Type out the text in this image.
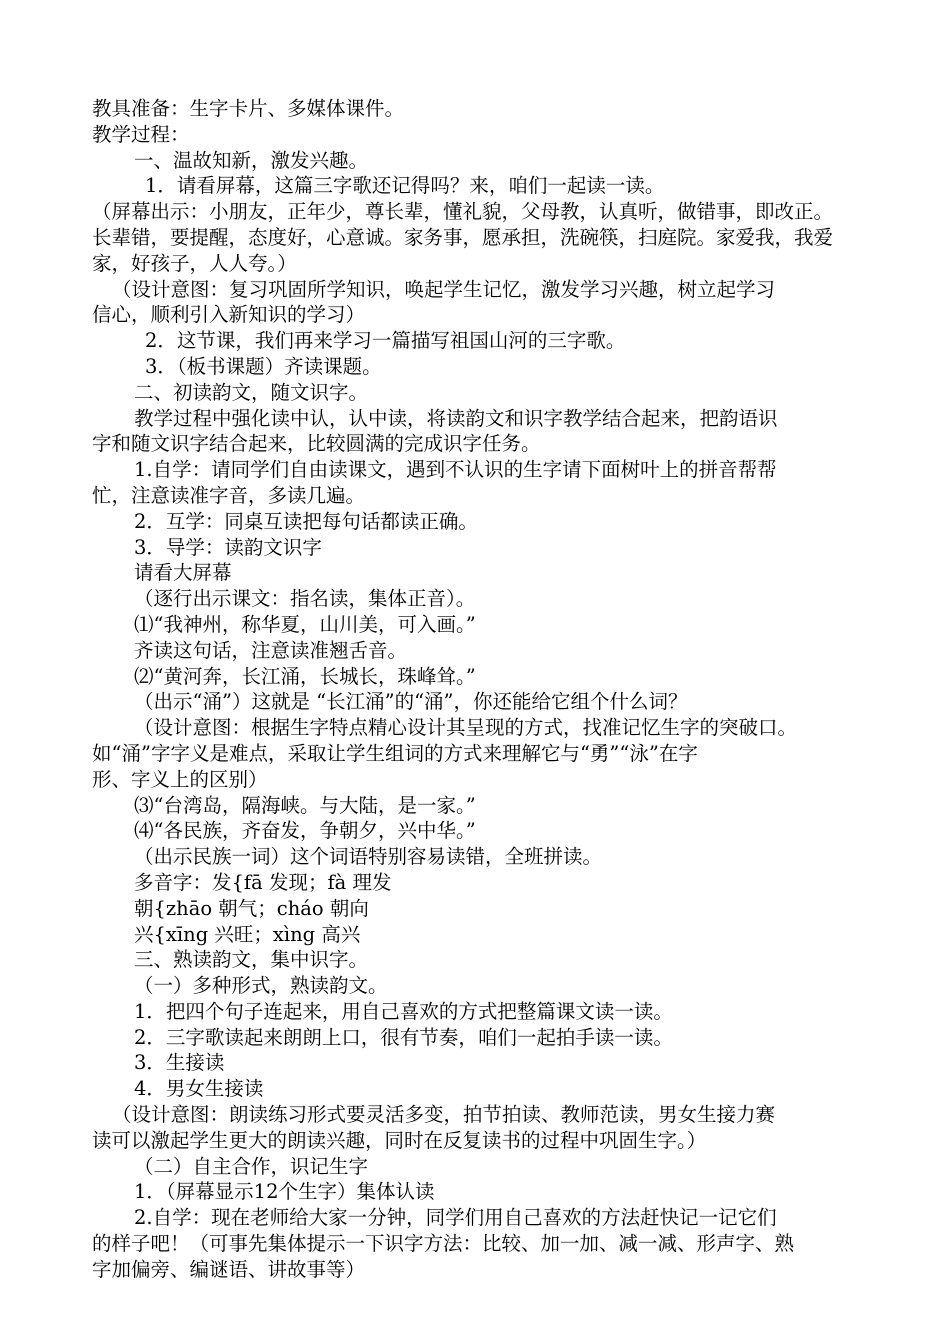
教具准备：生字卡片、多媒体课件。
教学过程：
一、温故知新，激发兴趣。
1．请看屏幕，这篇三字歌还记得吗？来，咱们一起读一读。
（屏幕出示：小朋友，正年少，尊长辈，懂礼貌，父母教，认真听，做错事，即改正。
长辈错，要提醒，态度好，心意诚。家务事，愿承担，洗碗筷，扫庭院。家爱我，我爱
家，好孩子，人人夸。）
（设计意图：复习巩固所学知识，唤起学生记忆，激发学习兴趣，树立起学习
信心，顺利引入新知识的学习）
2．这节课，我们再来学习一篇描写祖国山河的三字歌。
3．（板书课题）齐读课题。
二、初读韵文，随文识字。
教学过程中强化读中认，认中读，将读韵文和识字教学结合起来，把韵语识
字和随文识字结合起来，比较圆满的完成识字任务。
1.自学：请同学们自由读课文，遇到不认识的生字请下面树叶上的拼音帮帮
忙，注意读准字音，多读几遍。
2．互学：同桌互读把每句话都读正确。
3．导学：读韵文识字
请看大屏幕
（逐行出示课文：指名读，集体正音）。
⑴“我神州，称华夏，山川美，可入画。”
齐读这句话，注意读准翘舌音。
⑵“黄河奔，长江涌，长城长，珠峰耸。”
（出示“涌”）这就是 “长江涌”的“涌”，你还能给它组个什么词？
（设计意图：根据生字特点精心设计其呈现的方式，找准记忆生字的突破口。
如“涌”字字义是难点，采取让学生组词的方式来理解它与“勇”“泳”在字
形、字义上的区别）
⑶“台湾岛，隔海峡。与大陆，是一家。”
⑷“各民族，齐奋发，争朝夕，兴中华。”
（出示民族一词）这个词语特别容易读错，全班拼读。
多音字：发{fā 发现；fà 理发
朝{zhāo 朝气；cháo 朝向
兴{xīng 兴旺；xìng 高兴
三、熟读韵文，集中识字。
（一）多种形式，熟读韵文。
1．把四个句子连起来，用自己喜欢的方式把整篇课文读一读。
2．三字歌读起来朗朗上口，很有节奏，咱们一起拍手读一读。
3．生接读
4．男女生接读
（设计意图：朗读练习形式要灵活多变，拍节拍读、教师范读，男女生接力赛
读可以激起学生更大的朗读兴趣，同时在反复读书的过程中巩固生字。）
（二）自主合作，识记生字
1．（屏幕显示12个生字）集体认读
2.自学：现在老师给大家一分钟，同学们用自己喜欢的方法赶快记一记它们
的样子吧！（可事先集体提示一下识字方法：比较、加一加、减一减、形声字、熟
字加偏旁、编谜语、讲故事等）
